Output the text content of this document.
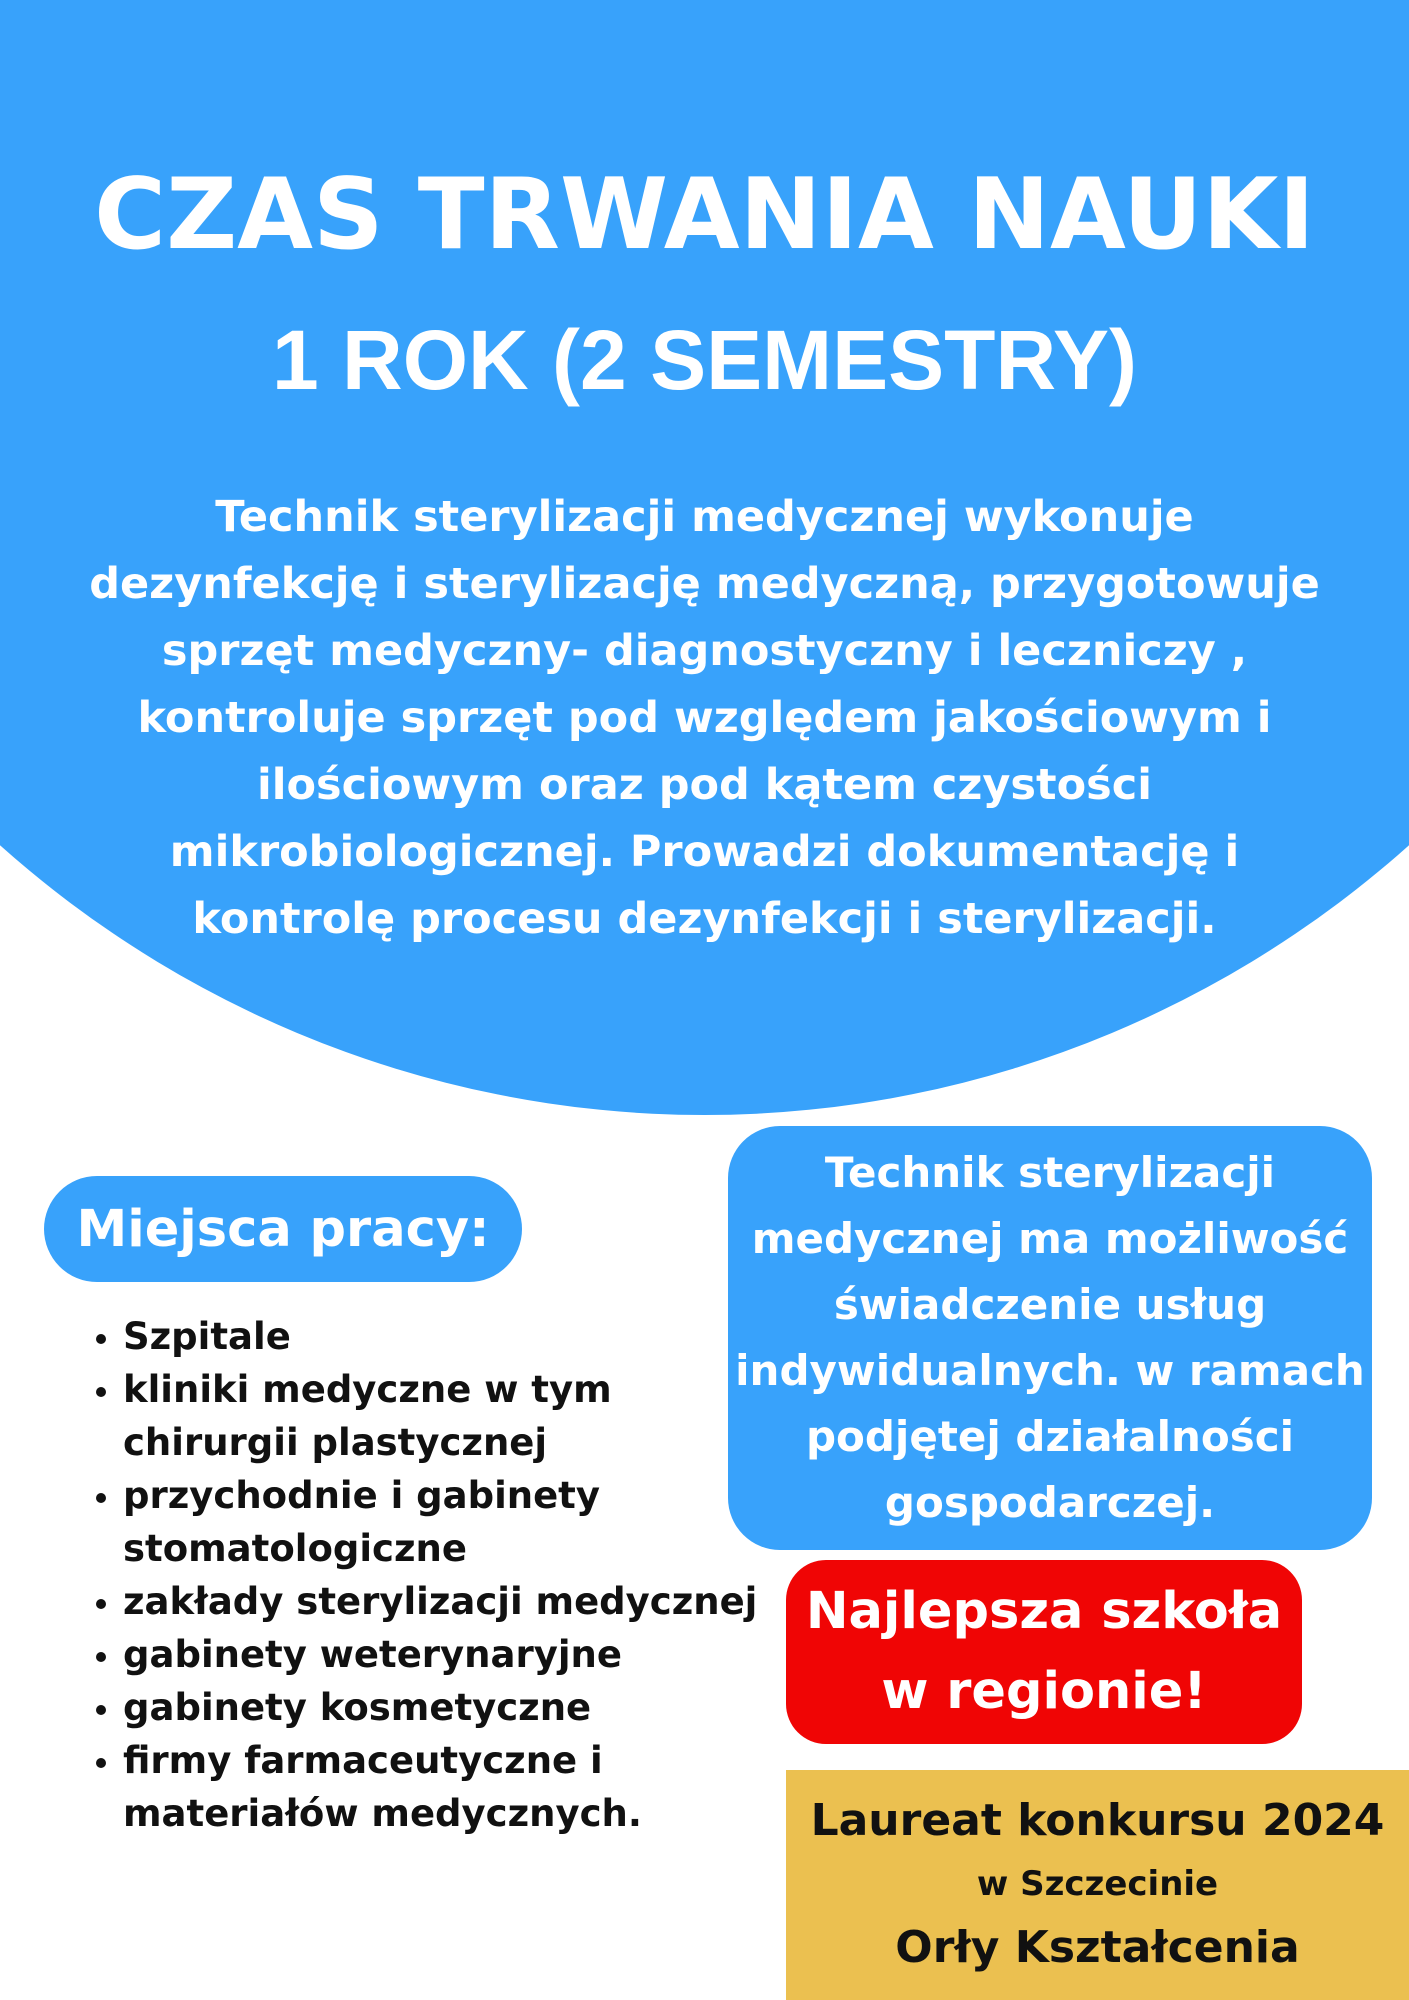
CZAS TRWANIA NAUKI
1 ROK (2 SEMESTRY)

Technik sterylizacji medycznej wykonuje dezynfekcję i sterylizację medyczną, przygotowuje sprzęt medyczny- diagnostyczny i leczniczy , kontroluje sprzęt pod względem jakościowym i ilościowym oraz pod kątem czystości mikrobiologicznej. Prowadzi dokumentację i kontrolę procesu dezynfekcji i sterylizacji.

Miejsca pracy:
• Szpitale
• kliniki medyczne w tym chirurgii plastycznej
• przychodnie i gabinety stomatologiczne
• zakłady sterylizacji medycznej
• gabinety weterynaryjne
• gabinety kosmetyczne
• firmy farmaceutyczne i materiałów medycznych.
Technik sterylizacji medycznej ma możliwość świadczenie usług indywidualnych. w ramach podjętej działalności gospodarczej.
Najlepsza szkoła
w regionie!
Laureat konkursu 2024
w Szczecinie
Orły Kształcenia
